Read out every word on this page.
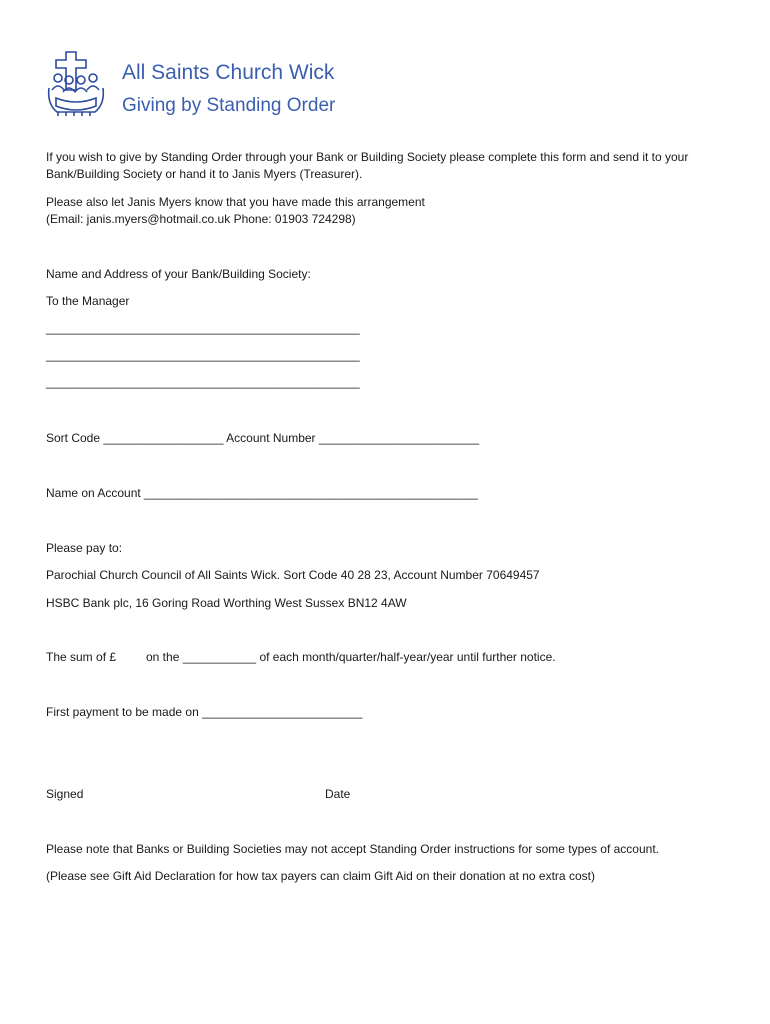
All Saints Church Wick
Giving by Standing Order
If you wish to give by Standing Order through your Bank or Building Society please complete this form and send it to your Bank/Building Society or hand it to Janis Myers (Treasurer).
Please also let Janis Myers know that you have made this arrangement
(Email: janis.myers@hotmail.co.uk Phone: 01903 724298)
Name and Address of your Bank/Building Society:
To the Manager
_______________________________________________
_______________________________________________
_______________________________________________
Sort Code __________________ Account Number ________________________
Name on Account __________________________________________________
Please pay to:
Parochial Church Council of All Saints Wick. Sort Code 40 28 23, Account Number 70649457
HSBC Bank plc, 16 Goring Road Worthing West Sussex BN12 4AW
The sum of £ on the ___________ of each month/quarter/half-year/year until further notice.
First payment to be made on ________________________
Signed	Date
Please note that Banks or Building Societies may not accept Standing Order instructions for some types of account.
(Please see Gift Aid Declaration for how tax payers can claim Gift Aid on their donation at no extra cost)
